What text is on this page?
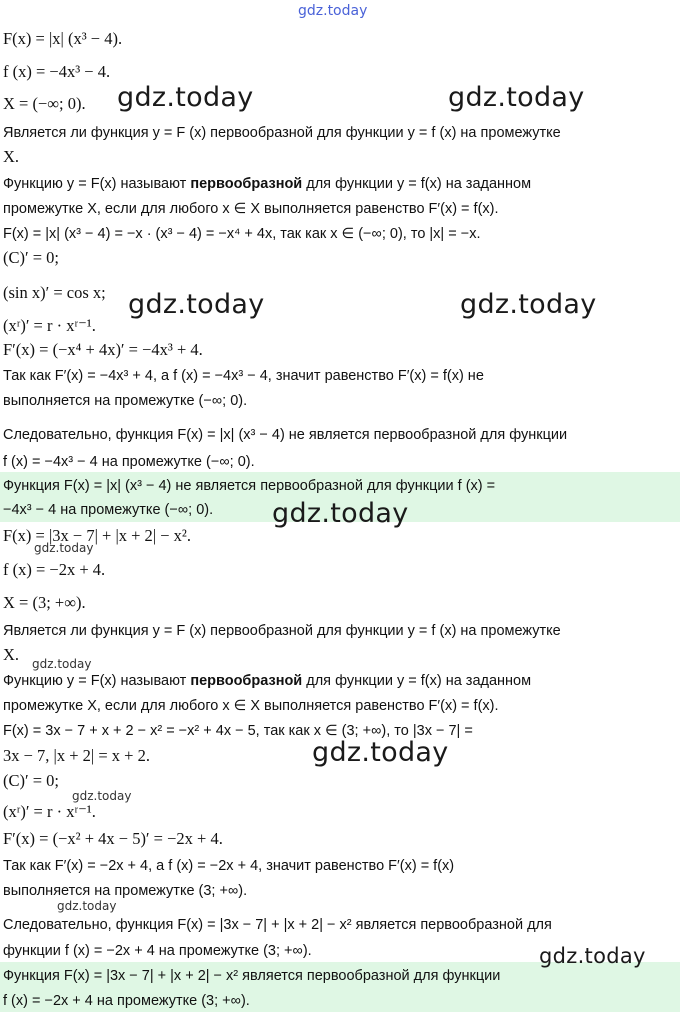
F(x) = |x| (x³ − 4).
f (x) = −4x³ − 4.
X = (−∞; 0).
Является ли функция y = F (x) первообразной для функции y = f (x) на промежутке
X.
Функцию y = F(x) называют первообразной для функции y = f(x) на заданном
промежутке X, если для любого x ∈ X выполняется равенство F′(x) = f(x).
F(x) = |x| (x³ − 4) = −x · (x³ − 4) = −x⁴ + 4x, так как x ∈ (−∞; 0), то |x| = −x.
(C)′ = 0;
(sin x)′ = cos x;
(xʳ)′ = r · xʳ⁻¹.
F′(x) = (−x⁴ + 4x)′ = −4x³ + 4.
Так как F′(x) = −4x³ + 4, а f (x) = −4x³ − 4, значит равенство F′(x) = f(x) не
выполняется на промежутке (−∞; 0).
Следовательно, функция F(x) = |x| (x³ − 4) не является первообразной для функции
f (x) = −4x³ − 4 на промежутке (−∞; 0).
Функция F(x) = |x| (x³ − 4) не является первообразной для функции f (x) =
−4x³ − 4 на промежутке (−∞; 0).
F(x) = |3x − 7| + |x + 2| − x².
f (x) = −2x + 4.
X = (3; +∞).
Является ли функция y = F (x) первообразной для функции y = f (x) на промежутке
X.
Функцию y = F(x) называют первообразной для функции y = f(x) на заданном
промежутке X, если для любого x ∈ X выполняется равенство F′(x) = f(x).
F(x) = 3x − 7 + x + 2 − x² = −x² + 4x − 5, так как x ∈ (3; +∞), то |3x − 7| =
3x − 7, |x + 2| = x + 2.
(C)′ = 0;
(xʳ)′ = r · xʳ⁻¹.
F′(x) = (−x² + 4x − 5)′ = −2x + 4.
Так как F′(x) = −2x + 4, а f (x) = −2x + 4, значит равенство F′(x) = f(x)
выполняется на промежутке (3; +∞).
Следовательно, функция F(x) = |3x − 7| + |x + 2| − x² является первообразной для
функции f (x) = −2x + 4 на промежутке (3; +∞).
Функция F(x) = |3x − 7| + |x + 2| − x² является первообразной для функции
f (x) = −2x + 4 на промежутке (3; +∞).
gdz.today
gdz.today	gdz.today
gdz.today	gdz.today
gdz.today
gdz.today
gdz.today
gdz.today
gdz.today
gdz.today
gdz.today
